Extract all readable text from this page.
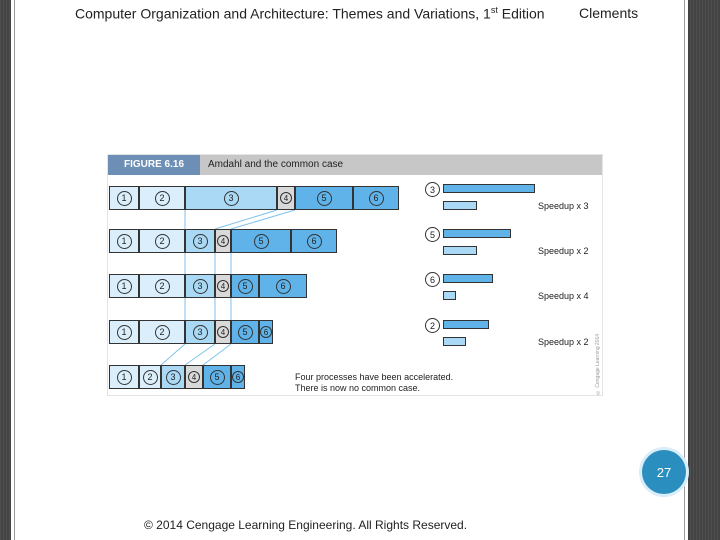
Computer Organization and Architecture: Themes and Variations, 1st Edition Clements
FIGURE 6.16	Amdahl and the common case
1	2	3	4	5	6
1	2	3	4	5	6
1	2	3	4	5	6
1	2	3	4	5	6
1	2	3	4	5	6
3
Speedup x 3
5
Speedup x 2
6
Speedup x 4
2
Speedup x 2
Four processes have been accelerated.
There is now no common case.	© Cengage Learning 2014
27
© 2014 Cengage Learning Engineering. All Rights Reserved.
